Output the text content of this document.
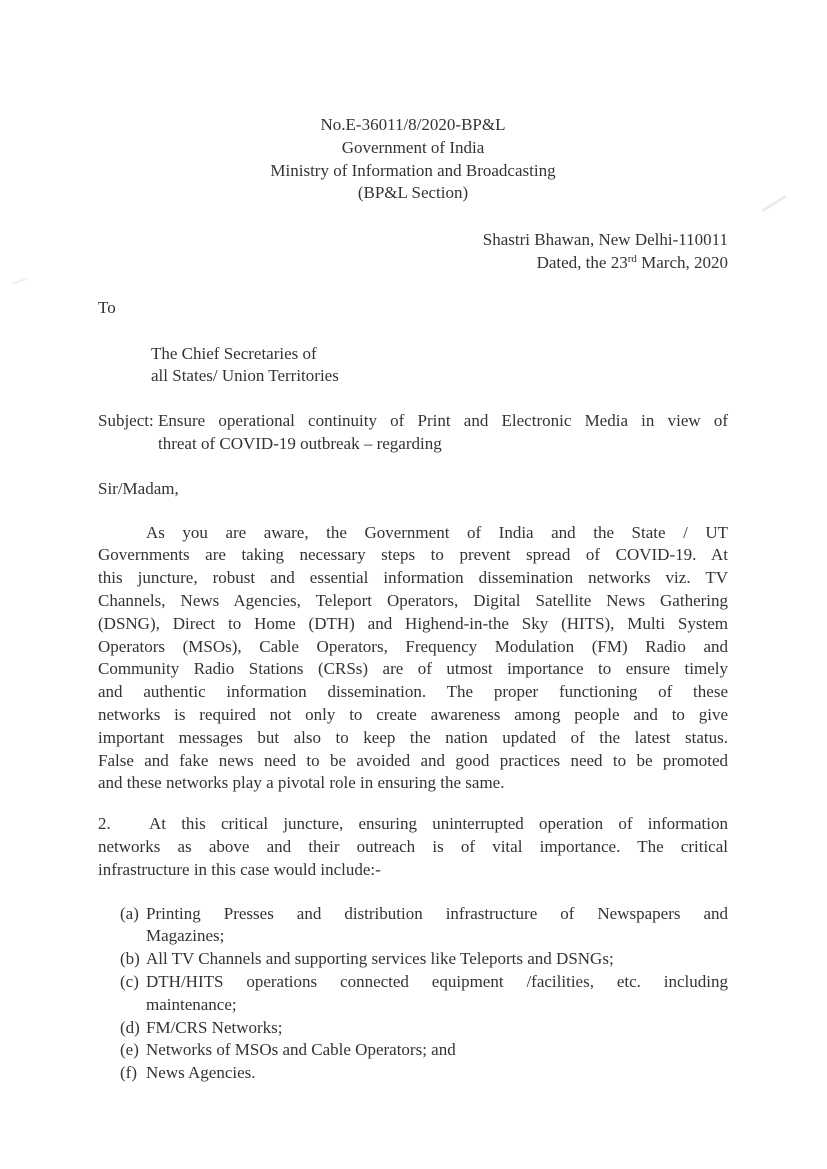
No.E-36011/8/2020-BP&L
Government of India
Ministry of Information and Broadcasting
(BP&L Section)
Shastri Bhawan, New Delhi-110011
Dated, the 23rd March, 2020
To
The Chief Secretaries of
all States/ Union Territories
Subject: Ensure operational continuity of Print and Electronic Media in view of
threat of COVID-19 outbreak – regarding
Sir/Madam,
As you are aware, the Government of India and the State / UT
Governments are taking necessary steps to prevent spread of COVID-19. At
this juncture, robust and essential information dissemination networks viz. TV
Channels, News Agencies, Teleport Operators, Digital Satellite News Gathering
(DSNG), Direct to Home (DTH) and Highend-in-the Sky (HITS), Multi System
Operators (MSOs), Cable Operators, Frequency Modulation (FM) Radio and
Community Radio Stations (CRSs) are of utmost importance to ensure timely
and authentic information dissemination. The proper functioning of these
networks is required not only to create awareness among people and to give
important messages but also to keep the nation updated of the latest status.
False and fake news need to be avoided and good practices need to be promoted
and these networks play a pivotal role in ensuring the same.
2.	At this critical juncture, ensuring uninterrupted operation of information
networks as above and their outreach is of vital importance. The critical
infrastructure in this case would include:-
(a) Printing Presses and distribution infrastructure of Newspapers and
Magazines;
(b) All TV Channels and supporting services like Teleports and DSNGs;
(c) DTH/HITS operations connected equipment /facilities, etc. including
maintenance;
(d) FM/CRS Networks;
(e) Networks of MSOs and Cable Operators; and
(f) News Agencies.
